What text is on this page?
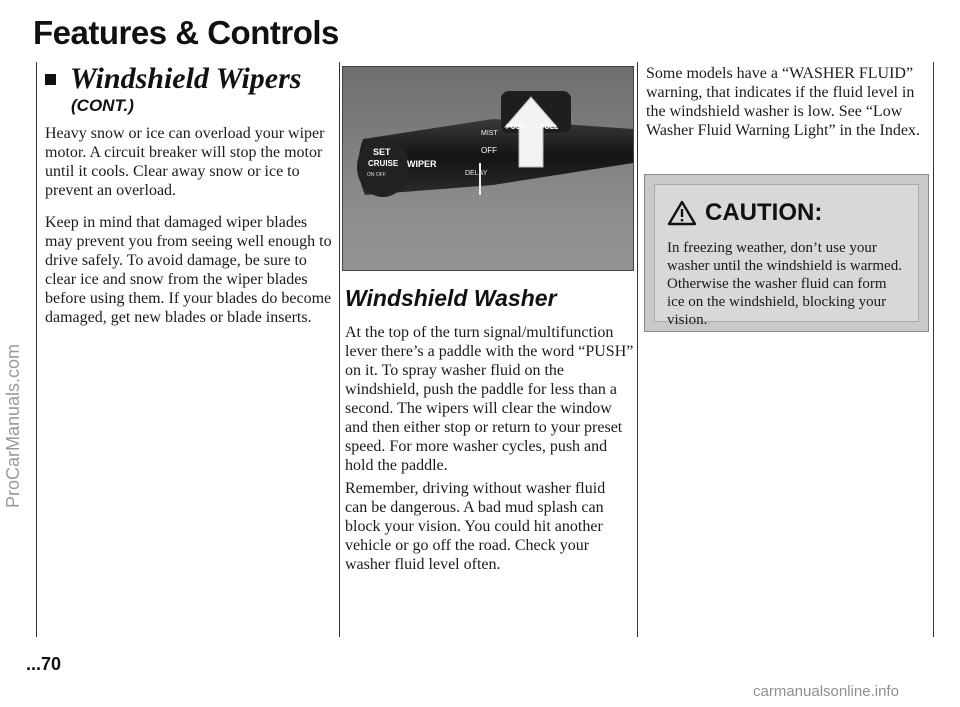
Features & Controls
Windshield Wipers
(CONT.)

Heavy snow or ice can overload your wiper motor. A circuit breaker will stop the motor until it cools. Clear away snow or ice to prevent an overload.

Keep in mind that damaged wiper blades may prevent you from seeing well enough to drive safely. To avoid damage, be sure to clear ice and snow from the wiper blades before using them. If your blades do become damaged, get new blades or blade inserts.

SET
CRUISE
ON OFF
WIPER
MIST
OFF
DELAY
PUSH PULL
Windshield Washer

At the top of the turn signal/multifunction lever there’s a paddle with the word “PUSH” on it. To spray washer fluid on the windshield, push the paddle for less than a second. The wipers will clear the window and then either stop or return to your preset speed. For more washer cycles, push and hold the paddle.

Remember, driving without washer fluid can be dangerous. A bad mud splash can block your vision. You could hit another vehicle or go off the road. Check your washer fluid level often.

Some models have a “WASHER FLUID” warning, that indicates if the fluid level in the windshield washer is low. See “Low Washer Fluid Warning Light” in the Index.

CAUTION:

In freezing weather, don’t use your washer until the windshield is warmed. Otherwise the washer fluid can form ice on the windshield, blocking your vision.

...70
ProCarManuals.com
carmanualsonline.info
